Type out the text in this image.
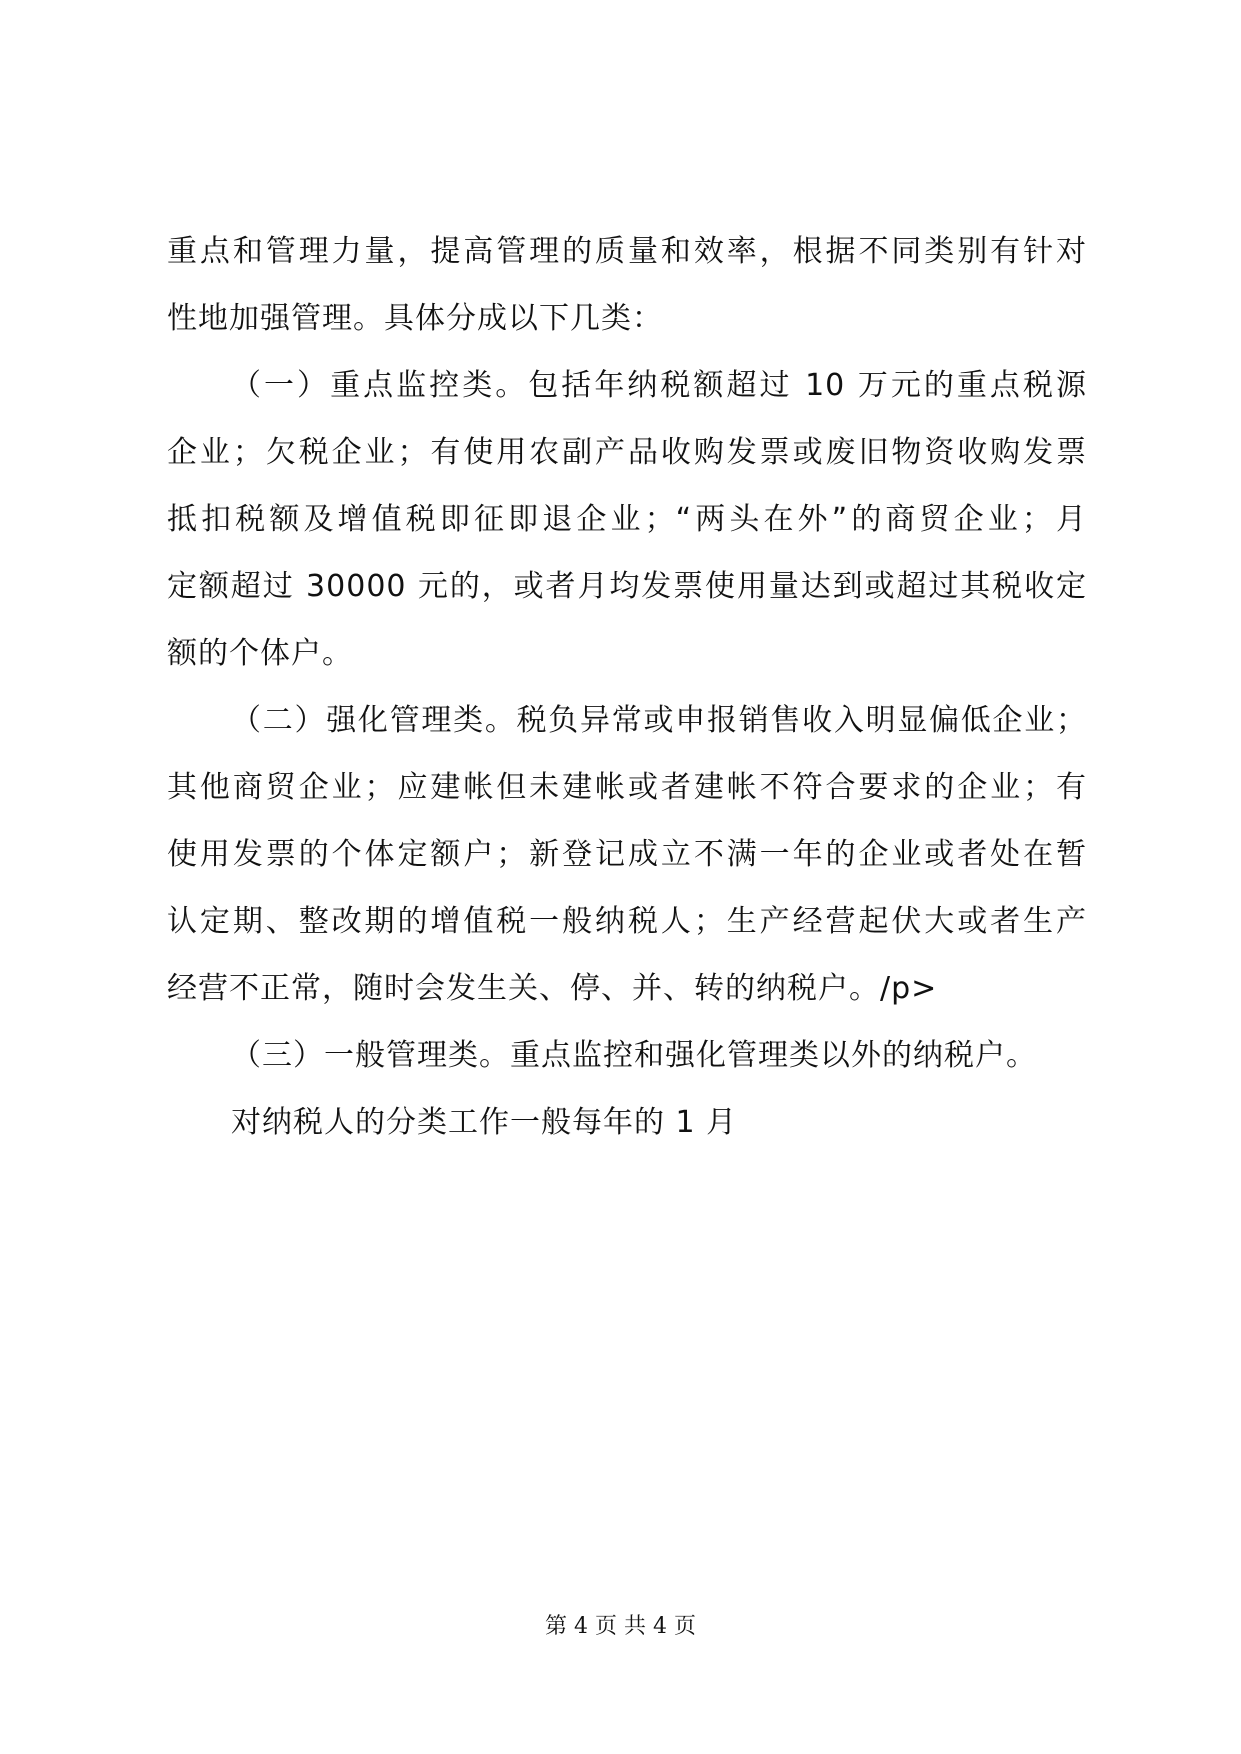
重点和管理力量，提高管理的质量和效率，根据不同类别有针对
性地加强管理。具体分成以下几类：
（一）重点监控类。包括年纳税额超过 10 万元的重点税源
企业；欠税企业；有使用农副产品收购发票或废旧物资收购发票
抵扣税额及增值税即征即退企业；“两头在外”的商贸企业；月
定额超过 30000 元的，或者月均发票使用量达到或超过其税收定
额的个体户。
（二）强化管理类。税负异常或申报销售收入明显偏低企业；
其他商贸企业；应建帐但未建帐或者建帐不符合要求的企业；有
使用发票的个体定额户；新登记成立不满一年的企业或者处在暂
认定期、整改期的增值税一般纳税人；生产经营起伏大或者生产
经营不正常，随时会发生关、停、并、转的纳税户。/p>
（三）一般管理类。重点监控和强化管理类以外的纳税户。
对纳税人的分类工作一般每年的 1 月
第 4 页 共 4 页
